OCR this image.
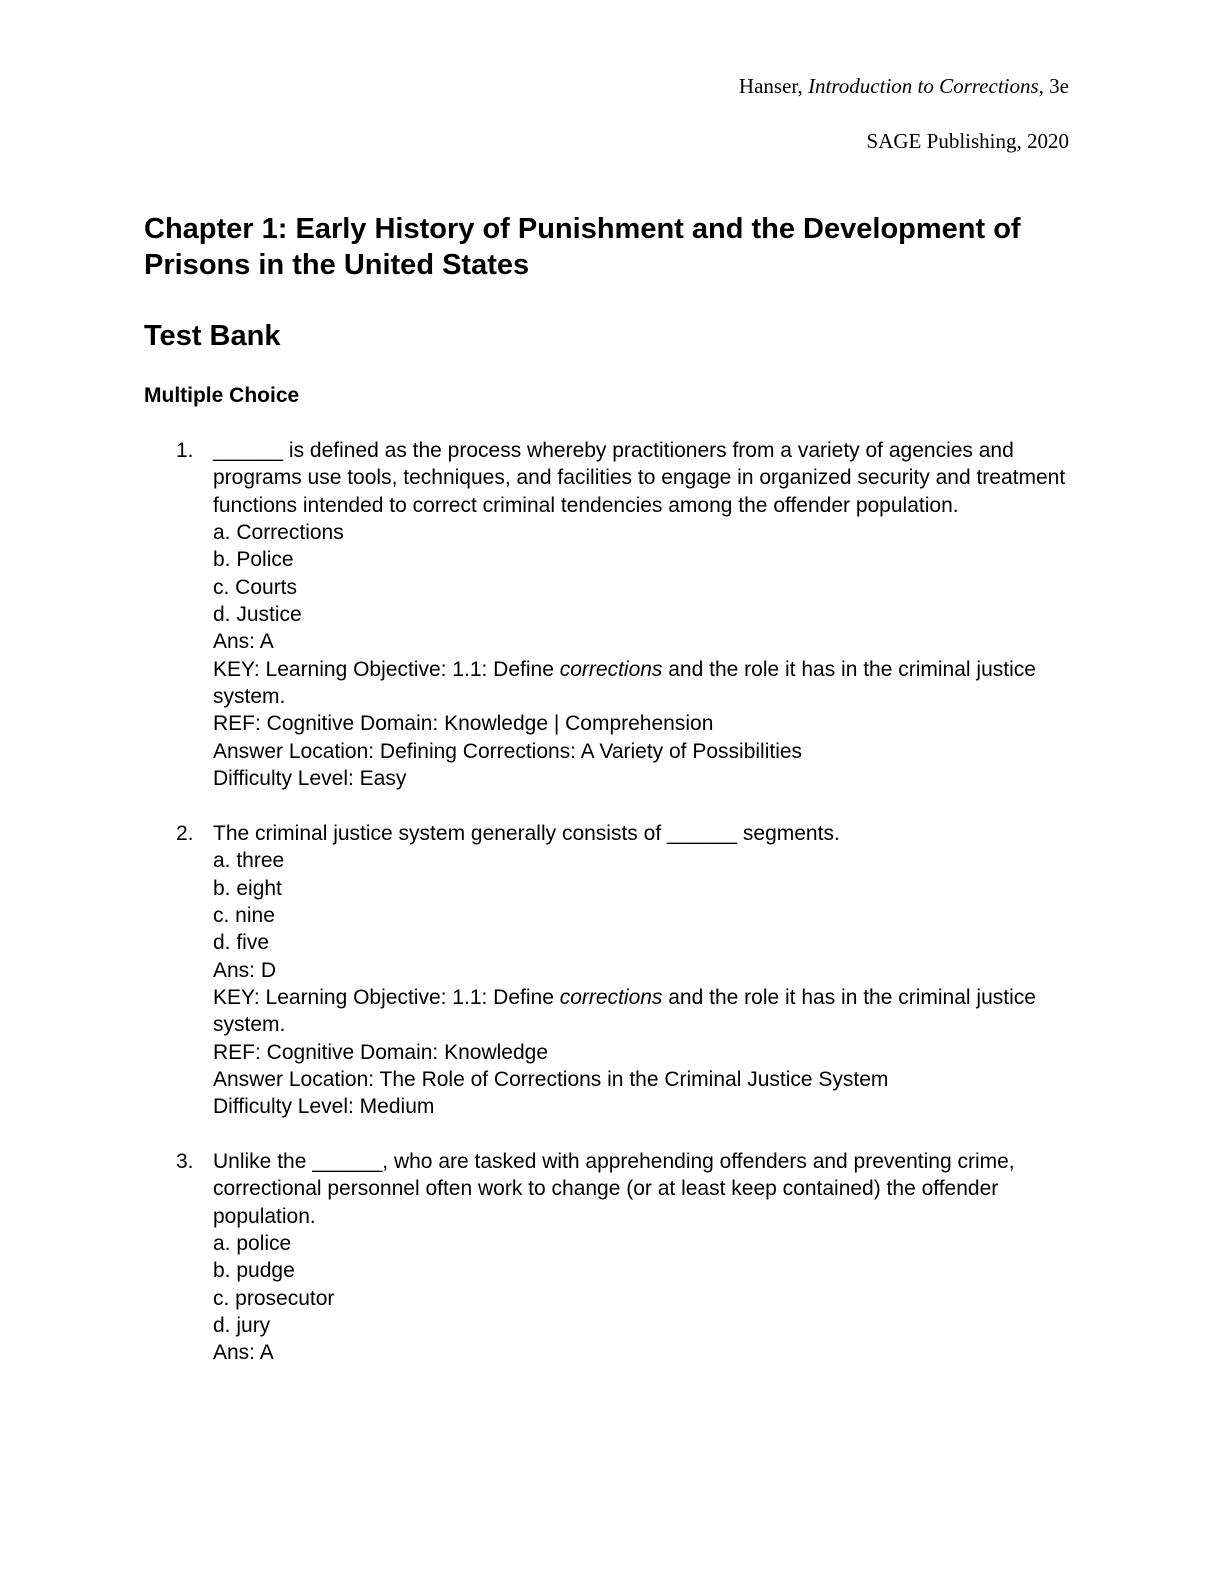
Hanser, Introduction to Corrections, 3e
SAGE Publishing, 2020
Chapter 1: Early History of Punishment and the Development of Prisons in the United States
Test Bank
Multiple Choice
1. ______ is defined as the process whereby practitioners from a variety of agencies and programs use tools, techniques, and facilities to engage in organized security and treatment functions intended to correct criminal tendencies among the offender population.
a. Corrections
b. Police
c. Courts
d. Justice
Ans: A
KEY: Learning Objective: 1.1: Define corrections and the role it has in the criminal justice system.
REF: Cognitive Domain: Knowledge | Comprehension
Answer Location: Defining Corrections: A Variety of Possibilities
Difficulty Level: Easy
2. The criminal justice system generally consists of ______ segments.
a. three
b. eight
c. nine
d. five
Ans: D
KEY: Learning Objective: 1.1: Define corrections and the role it has in the criminal justice system.
REF: Cognitive Domain: Knowledge
Answer Location: The Role of Corrections in the Criminal Justice System
Difficulty Level: Medium
3. Unlike the ______, who are tasked with apprehending offenders and preventing crime, correctional personnel often work to change (or at least keep contained) the offender population.
a. police
b. pudge
c. prosecutor
d. jury
Ans: A
